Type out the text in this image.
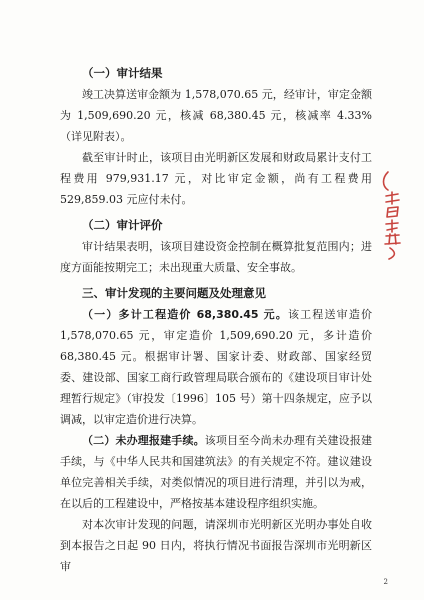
（一）审计结果

竣工决算送审金额为 1,578,070.65 元，经审计，审定金额为 1,509,690.20 元，核减 68,380.45 元，核减率 4.33%（详见附表）。

截至审计时止，该项目由光明新区发展和财政局累计支付工程费用 979,931.17 元，对比审定金额，尚有工程费用 529,859.03 元应付未付。

（二）审计评价

审计结果表明，该项目建设资金控制在概算批复范围内；进度方面能按期完工；未出现重大质量、安全事故。

三、审计发现的主要问题及处理意见

（一）多计工程造价 68,380.45 元。该工程送审造价 1,578,070.65 元，审定造价 1,509,690.20 元，多计造价 68,380.45 元。根据审计署、国家计委、财政部、国家经贸委、建设部、国家工商行政管理局联合颁布的《建设项目审计处理暂行规定》（审投发〔1996〕105 号）第十四条规定，应予以调减，以审定造价进行决算。

（二）未办理报建手续。该项目至今尚未办理有关建设报建手续，与《中华人民共和国建筑法》的有关规定不符。建议建设单位完善相关手续，对类似情况的项目进行清理，并引以为戒，在以后的工程建设中，严格按基本建设程序组织实施。

对本次审计发现的问题，请深圳市光明新区光明办事处自收到本报告之日起 90 日内，将执行情况书面报告深圳市光明新区审

2
